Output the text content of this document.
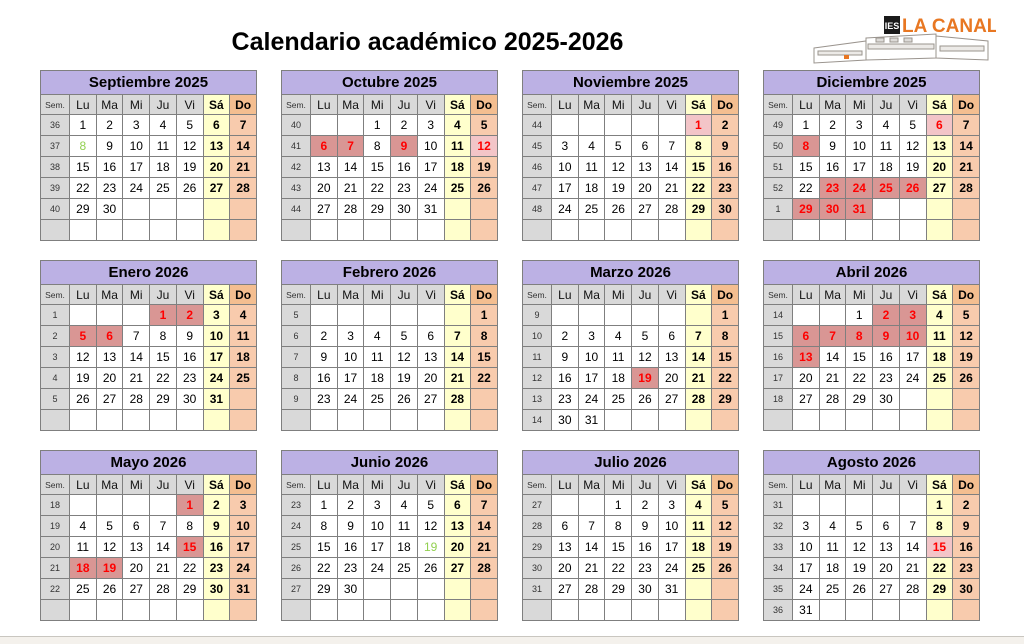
Calendario académico 2025-2026
IES LA CANAL
Septiembre 2025							
Sem.	Lu	Ma	Mi	Ju	Vi	Sá	Do
36	1	2	3	4	5	6	7
37	8	9	10	11	12	13	14
38	15	16	17	18	19	20	21
39	22	23	24	25	26	27	28
40	29	30					

Octubre 2025							
Sem.	Lu	Ma	Mi	Ju	Vi	Sá	Do
40			1	2	3	4	5
41	6	7	8	9	10	11	12
42	13	14	15	16	17	18	19
43	20	21	22	23	24	25	26
44	27	28	29	30	31		

Noviembre 2025							
Sem.	Lu	Ma	Mi	Ju	Vi	Sá	Do
44						1	2
45	3	4	5	6	7	8	9
46	10	11	12	13	14	15	16
47	17	18	19	20	21	22	23
48	24	25	26	27	28	29	30

Diciembre 2025							
Sem.	Lu	Ma	Mi	Ju	Vi	Sá	Do
49	1	2	3	4	5	6	7
50	8	9	10	11	12	13	14
51	15	16	17	18	19	20	21
52	22	23	24	25	26	27	28
1	29	30	31				

Enero 2026							
Sem.	Lu	Ma	Mi	Ju	Vi	Sá	Do
1				1	2	3	4
2	5	6	7	8	9	10	11
3	12	13	14	15	16	17	18
4	19	20	21	22	23	24	25
5	26	27	28	29	30	31	

Febrero 2026							
Sem.	Lu	Ma	Mi	Ju	Vi	Sá	Do
5							1
6	2	3	4	5	6	7	8
7	9	10	11	12	13	14	15
8	16	17	18	19	20	21	22
9	23	24	25	26	27	28	

Marzo 2026							
Sem.	Lu	Ma	Mi	Ju	Vi	Sá	Do
9							1
10	2	3	4	5	6	7	8
11	9	10	11	12	13	14	15
12	16	17	18	19	20	21	22
13	23	24	25	26	27	28	29
14	30	31					
Abril 2026							
Sem.	Lu	Ma	Mi	Ju	Vi	Sá	Do
14			1	2	3	4	5
15	6	7	8	9	10	11	12
16	13	14	15	16	17	18	19
17	20	21	22	23	24	25	26
18	27	28	29	30			

Mayo 2026							
Sem.	Lu	Ma	Mi	Ju	Vi	Sá	Do
18					1	2	3
19	4	5	6	7	8	9	10
20	11	12	13	14	15	16	17
21	18	19	20	21	22	23	24
22	25	26	27	28	29	30	31

Junio 2026							
Sem.	Lu	Ma	Mi	Ju	Vi	Sá	Do
23	1	2	3	4	5	6	7
24	8	9	10	11	12	13	14
25	15	16	17	18	19	20	21
26	22	23	24	25	26	27	28
27	29	30					

Julio 2026							
Sem.	Lu	Ma	Mi	Ju	Vi	Sá	Do
27			1	2	3	4	5
28	6	7	8	9	10	11	12
29	13	14	15	16	17	18	19
30	20	21	22	23	24	25	26
31	27	28	29	30	31		

Agosto 2026							
Sem.	Lu	Ma	Mi	Ju	Vi	Sá	Do
31						1	2
32	3	4	5	6	7	8	9
33	10	11	12	13	14	15	16
34	17	18	19	20	21	22	23
35	24	25	26	27	28	29	30
36	31						
